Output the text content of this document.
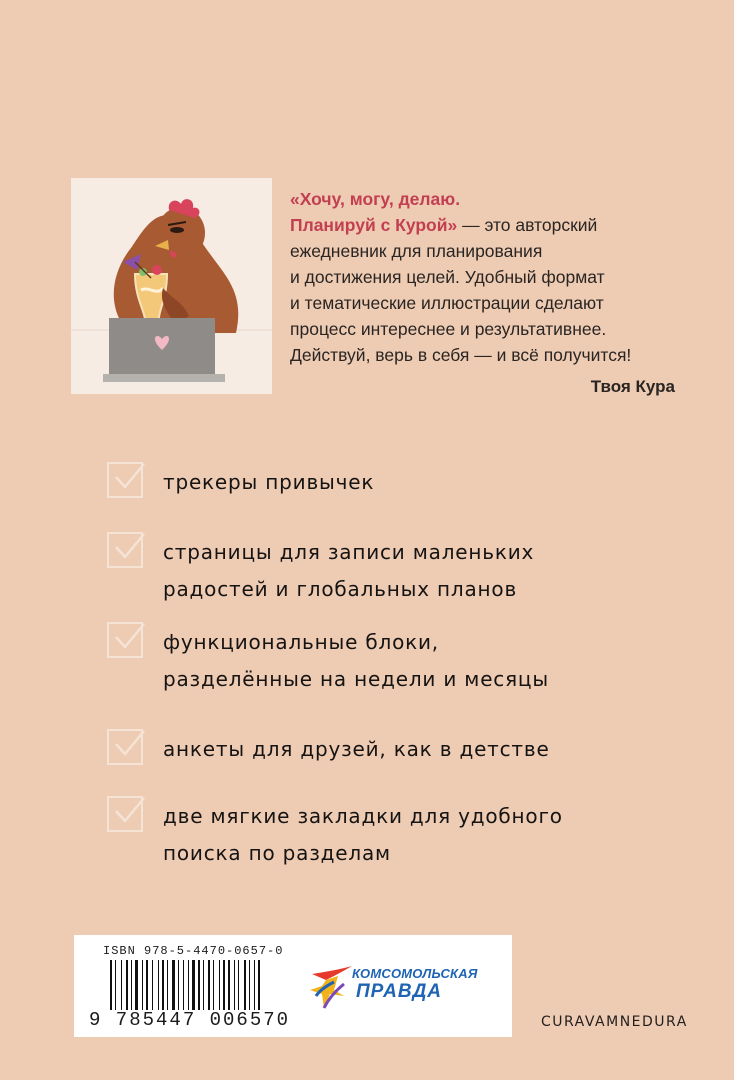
«Хочу, могу, делаю.
Планируй с Курой» — это авторский
ежедневник для планирования
и достижения целей. Удобный формат
и тематические иллюстрации сделают
процесс интереснее и результативнее.
Действуй, верь в себя — и всё получится!
Твоя Кура
трекеры привычек
страницы для записи маленьких
радостей и глобальных планов
функциональные блоки,
разделённые на недели и месяцы
анкеты для друзей, как в детстве
две мягкие закладки для удобного
поиска по разделам
ISBN 978-5-4470-0657-0
9 785447 006570
КОМСОМОЛЬСКАЯ
ПРАВДА
CURAVAMNEDURA
